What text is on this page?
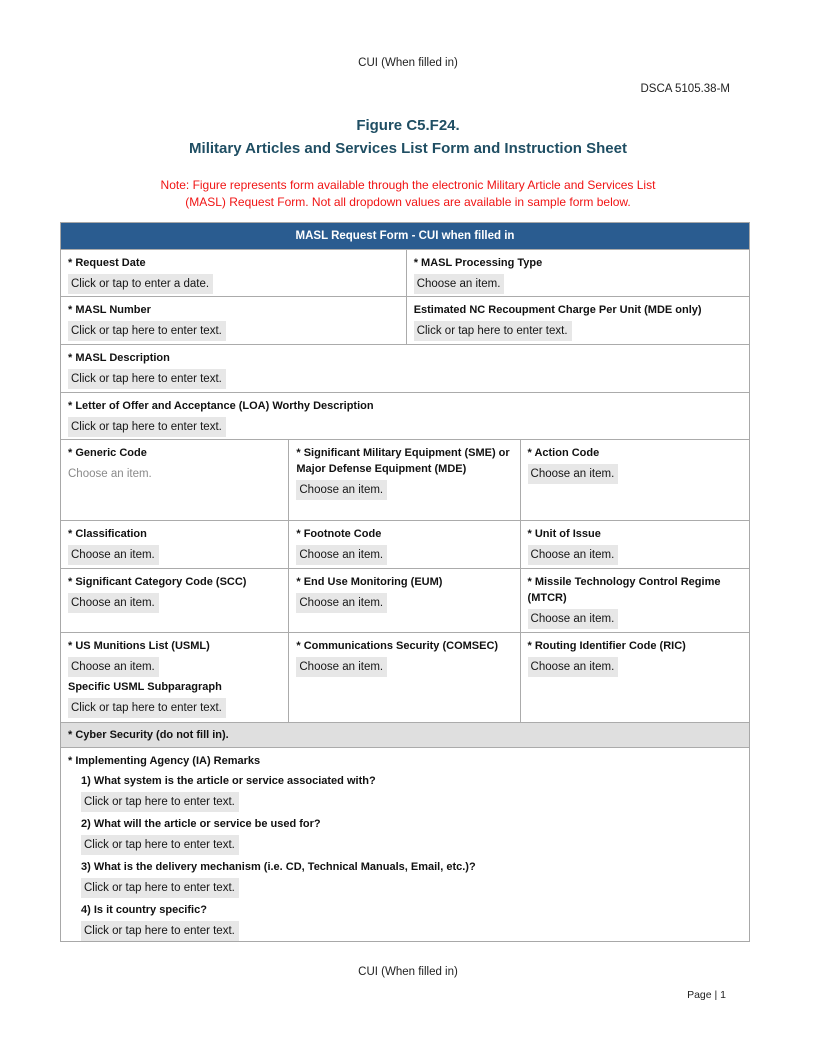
CUI (When filled in)
DSCA 5105.38-M
Figure C5.F24.
Military Articles and Services List Form and Instruction Sheet
Note: Figure represents form available through the electronic Military Article and Services List
(MASL) Request Form. Not all dropdown values are available in sample form below.
MASL Request Form - CUI when filled in
* Request Date
Click or tap to enter a date.
* MASL Processing Type
Choose an item.
* MASL Number
Click or tap here to enter text.
Estimated NC Recoupment Charge Per Unit (MDE only)
Click or tap here to enter text.
* MASL Description
Click or tap here to enter text.
* Letter of Offer and Acceptance (LOA) Worthy Description
Click or tap here to enter text.
* Generic Code
Choose an item.
* Significant Military Equipment (SME) or Major Defense Equipment (MDE)
Choose an item.
* Action Code
Choose an item.
* Classification
Choose an item.
* Footnote Code
Choose an item.
* Unit of Issue
Choose an item.
* Significant Category Code (SCC)
Choose an item.
* End Use Monitoring (EUM)
Choose an item.
* Missile Technology Control Regime (MTCR)
Choose an item.
* US Munitions List (USML)
Choose an item.
Specific USML Subparagraph
Click or tap here to enter text.
* Communications Security (COMSEC)
Choose an item.
* Routing Identifier Code (RIC)
Choose an item.
* Cyber Security (do not fill in).
* Implementing Agency (IA) Remarks
1) What system is the article or service associated with?
Click or tap here to enter text.
2) What will the article or service be used for?
Click or tap here to enter text.
3) What is the delivery mechanism (i.e. CD, Technical Manuals, Email, etc.)?
Click or tap here to enter text.
4) Is it country specific?
Click or tap here to enter text.
CUI (When filled in)
Page | 1
